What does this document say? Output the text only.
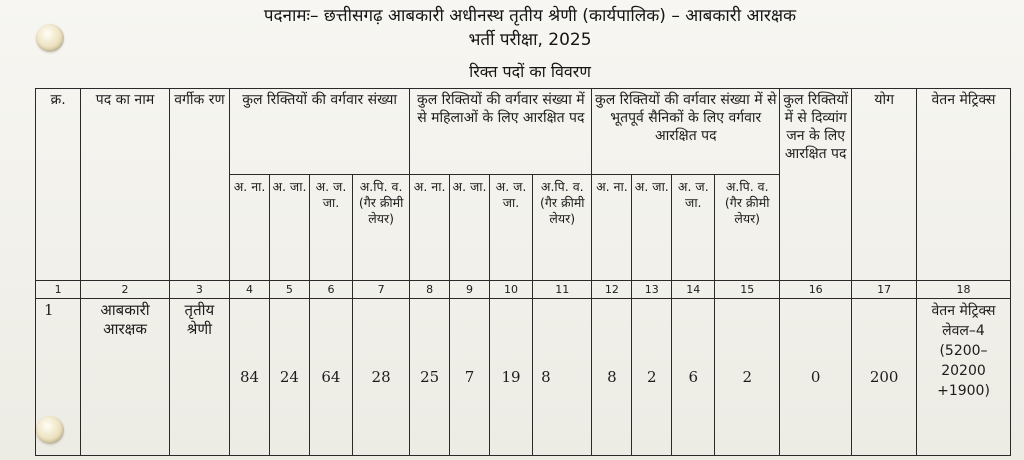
पदनामः– छत्तीसगढ़ आबकारी अधीनस्थ तृतीय श्रेणी (कार्यपालिक) – आबकारी आरक्षक
भर्ती परीक्षा, 2025
रिक्त पदों का विवरण
क्र.	पद का नाम	वर्गीक रण	कुल रिक्तियों की वर्गवार संख्या				कुल रिक्तियों की वर्गवार संख्या में से महिलाओं के लिए आरक्षित पद				कुल रिक्तियों की वर्गवार संख्या में से भूतपूर्व सैनिकों के लिए वर्गवार आरक्षित पद				कुल रिक्तियों में से दिव्यांग जन के लिए आरक्षित पद	योग	वेतन मेट्रिक्स
			अ. ना.	अ. जा.	अ. ज. जा.	अ.पि. व. (गैर क्रीमी लेयर)	अ. ना.	अ. जा.	अ. ज. जा.	अ.पि. व. (गैर क्रीमी लेयर)	अ. ना.	अ. जा.	अ. ज. जा.	अ.पि. व. (गैर क्रीमी लेयर)			
1	2	3	4	5	6	7	8	9	10	11	12	13	14	15	16	17	18
1	आबकारी आरक्षक	तृतीय श्रेणी	84	24	64	28	25	7	19	8	8	2	6	2	0	200	वेतन मेट्रिक्स लेवल–4 (5200– 20200 +1900)
